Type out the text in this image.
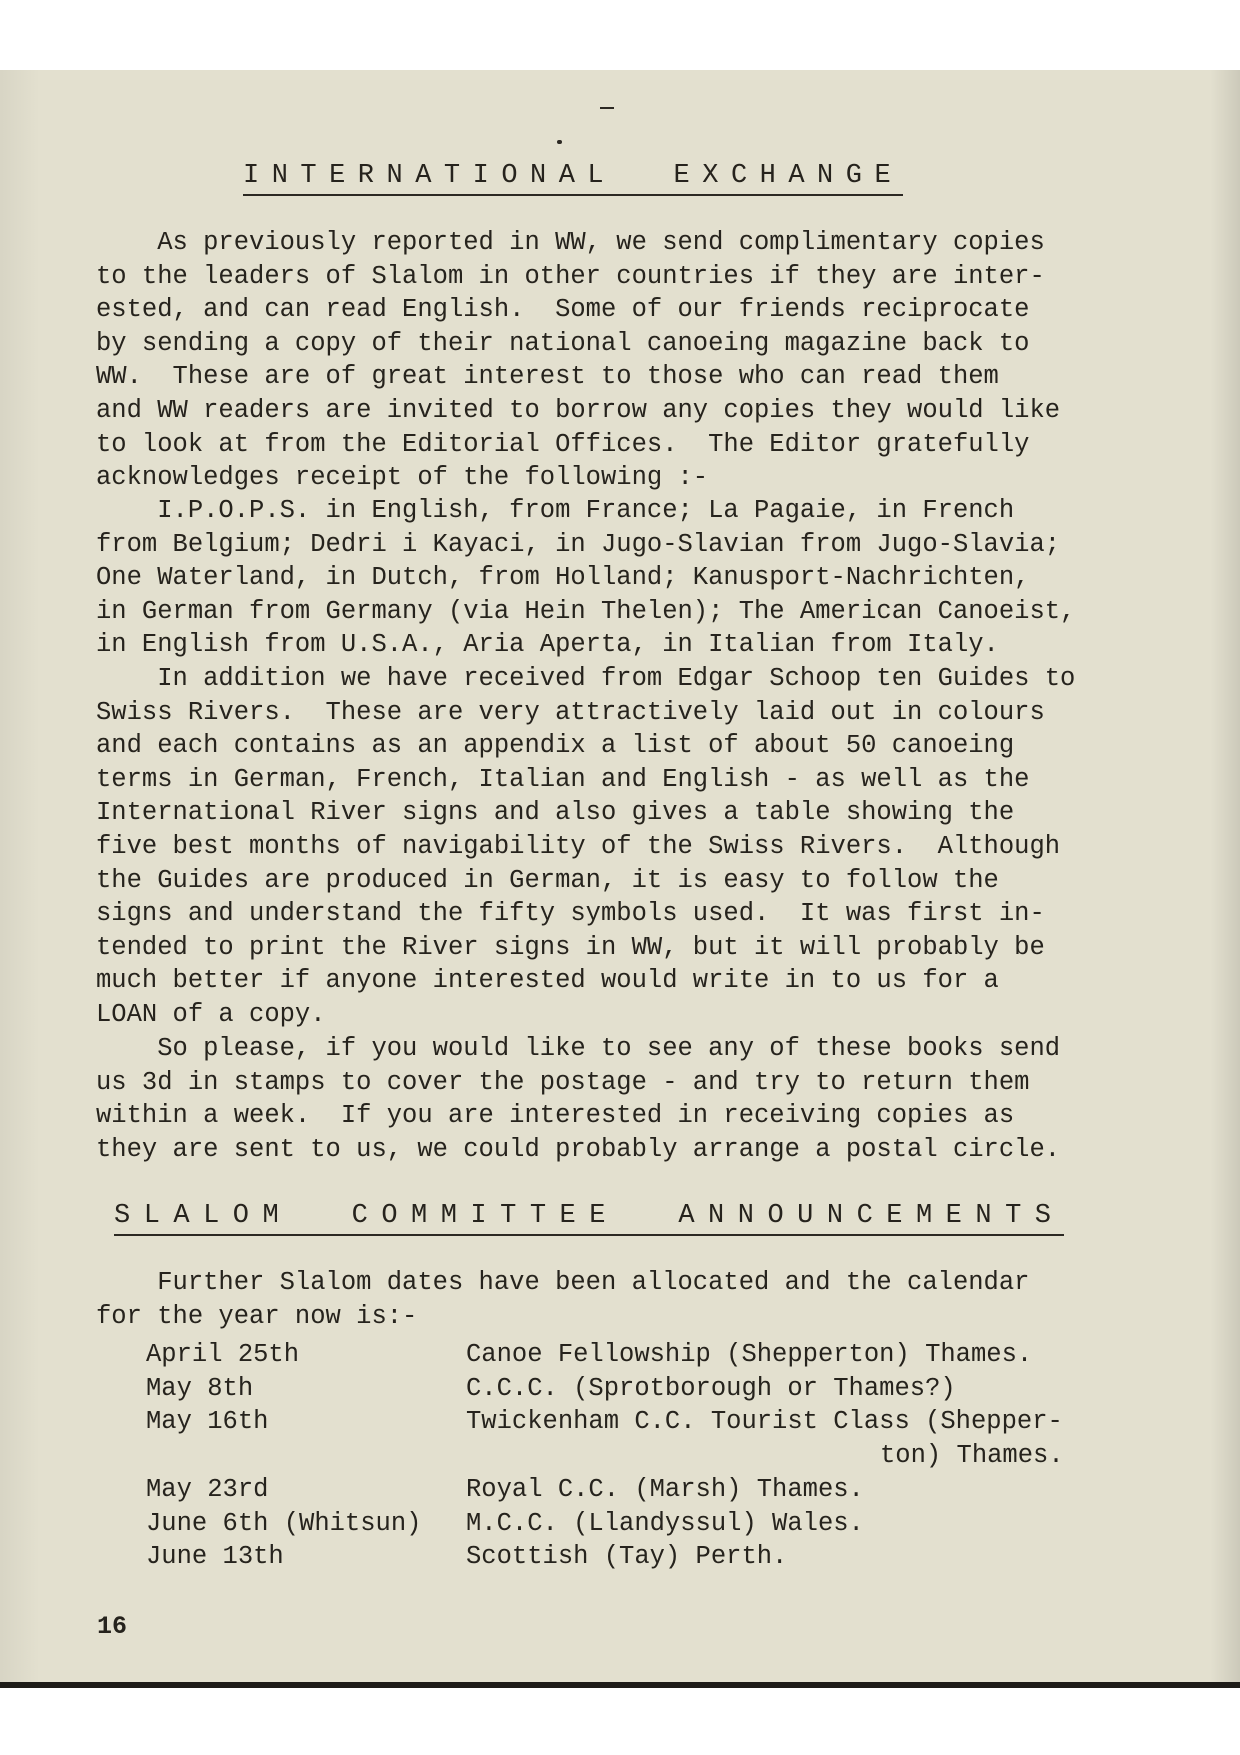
INTERNATIONAL  EXCHANGE
As previously reported in WW, we send complimentary copies
to the leaders of Slalom in other countries if they are inter-
ested, and can read English.  Some of our friends reciprocate
by sending a copy of their national canoeing magazine back to
WW.  These are of great interest to those who can read them
and WW readers are invited to borrow any copies they would like
to look at from the Editorial Offices.  The Editor gratefully
acknowledges receipt of the following :-
I.P.O.P.S. in English, from France; La Pagaie, in French
from Belgium; Dedri i Kayaci, in Jugo-Slavian from Jugo-Slavia;
One Waterland, in Dutch, from Holland; Kanusport-Nachrichten,
in German from Germany (via Hein Thelen); The American Canoeist,
in English from U.S.A., Aria Aperta, in Italian from Italy.
In addition we have received from Edgar Schoop ten Guides to
Swiss Rivers.  These are very attractively laid out in colours
and each contains as an appendix a list of about 50 canoeing
terms in German, French, Italian and English - as well as the
International River signs and also gives a table showing the
five best months of navigability of the Swiss Rivers.  Although
the Guides are produced in German, it is easy to follow the
signs and understand the fifty symbols used.  It was first in-
tended to print the River signs in WW, but it will probably be
much better if anyone interested would write in to us for a
LOAN of a copy.
So please, if you would like to see any of these books send
us 3d in stamps to cover the postage - and try to return them
within a week.  If you are interested in receiving copies as
they are sent to us, we could probably arrange a postal circle.
SLALOM  COMMITTEE  ANNOUNCEMENTS
Further Slalom dates have been allocated and the calendar
for the year now is:-
April 25th	Canoe Fellowship (Shepperton) Thames.
May 8th	C.C.C. (Sprotborough or Thames?)
May 16th	Twickenham C.C. Tourist Class (Shepper-
ton) Thames.
May 23rd	Royal C.C. (Marsh) Thames.
June 6th (Whitsun) M.C.C. (Llandyssul) Wales.
June 13th	Scottish (Tay) Perth.
16
